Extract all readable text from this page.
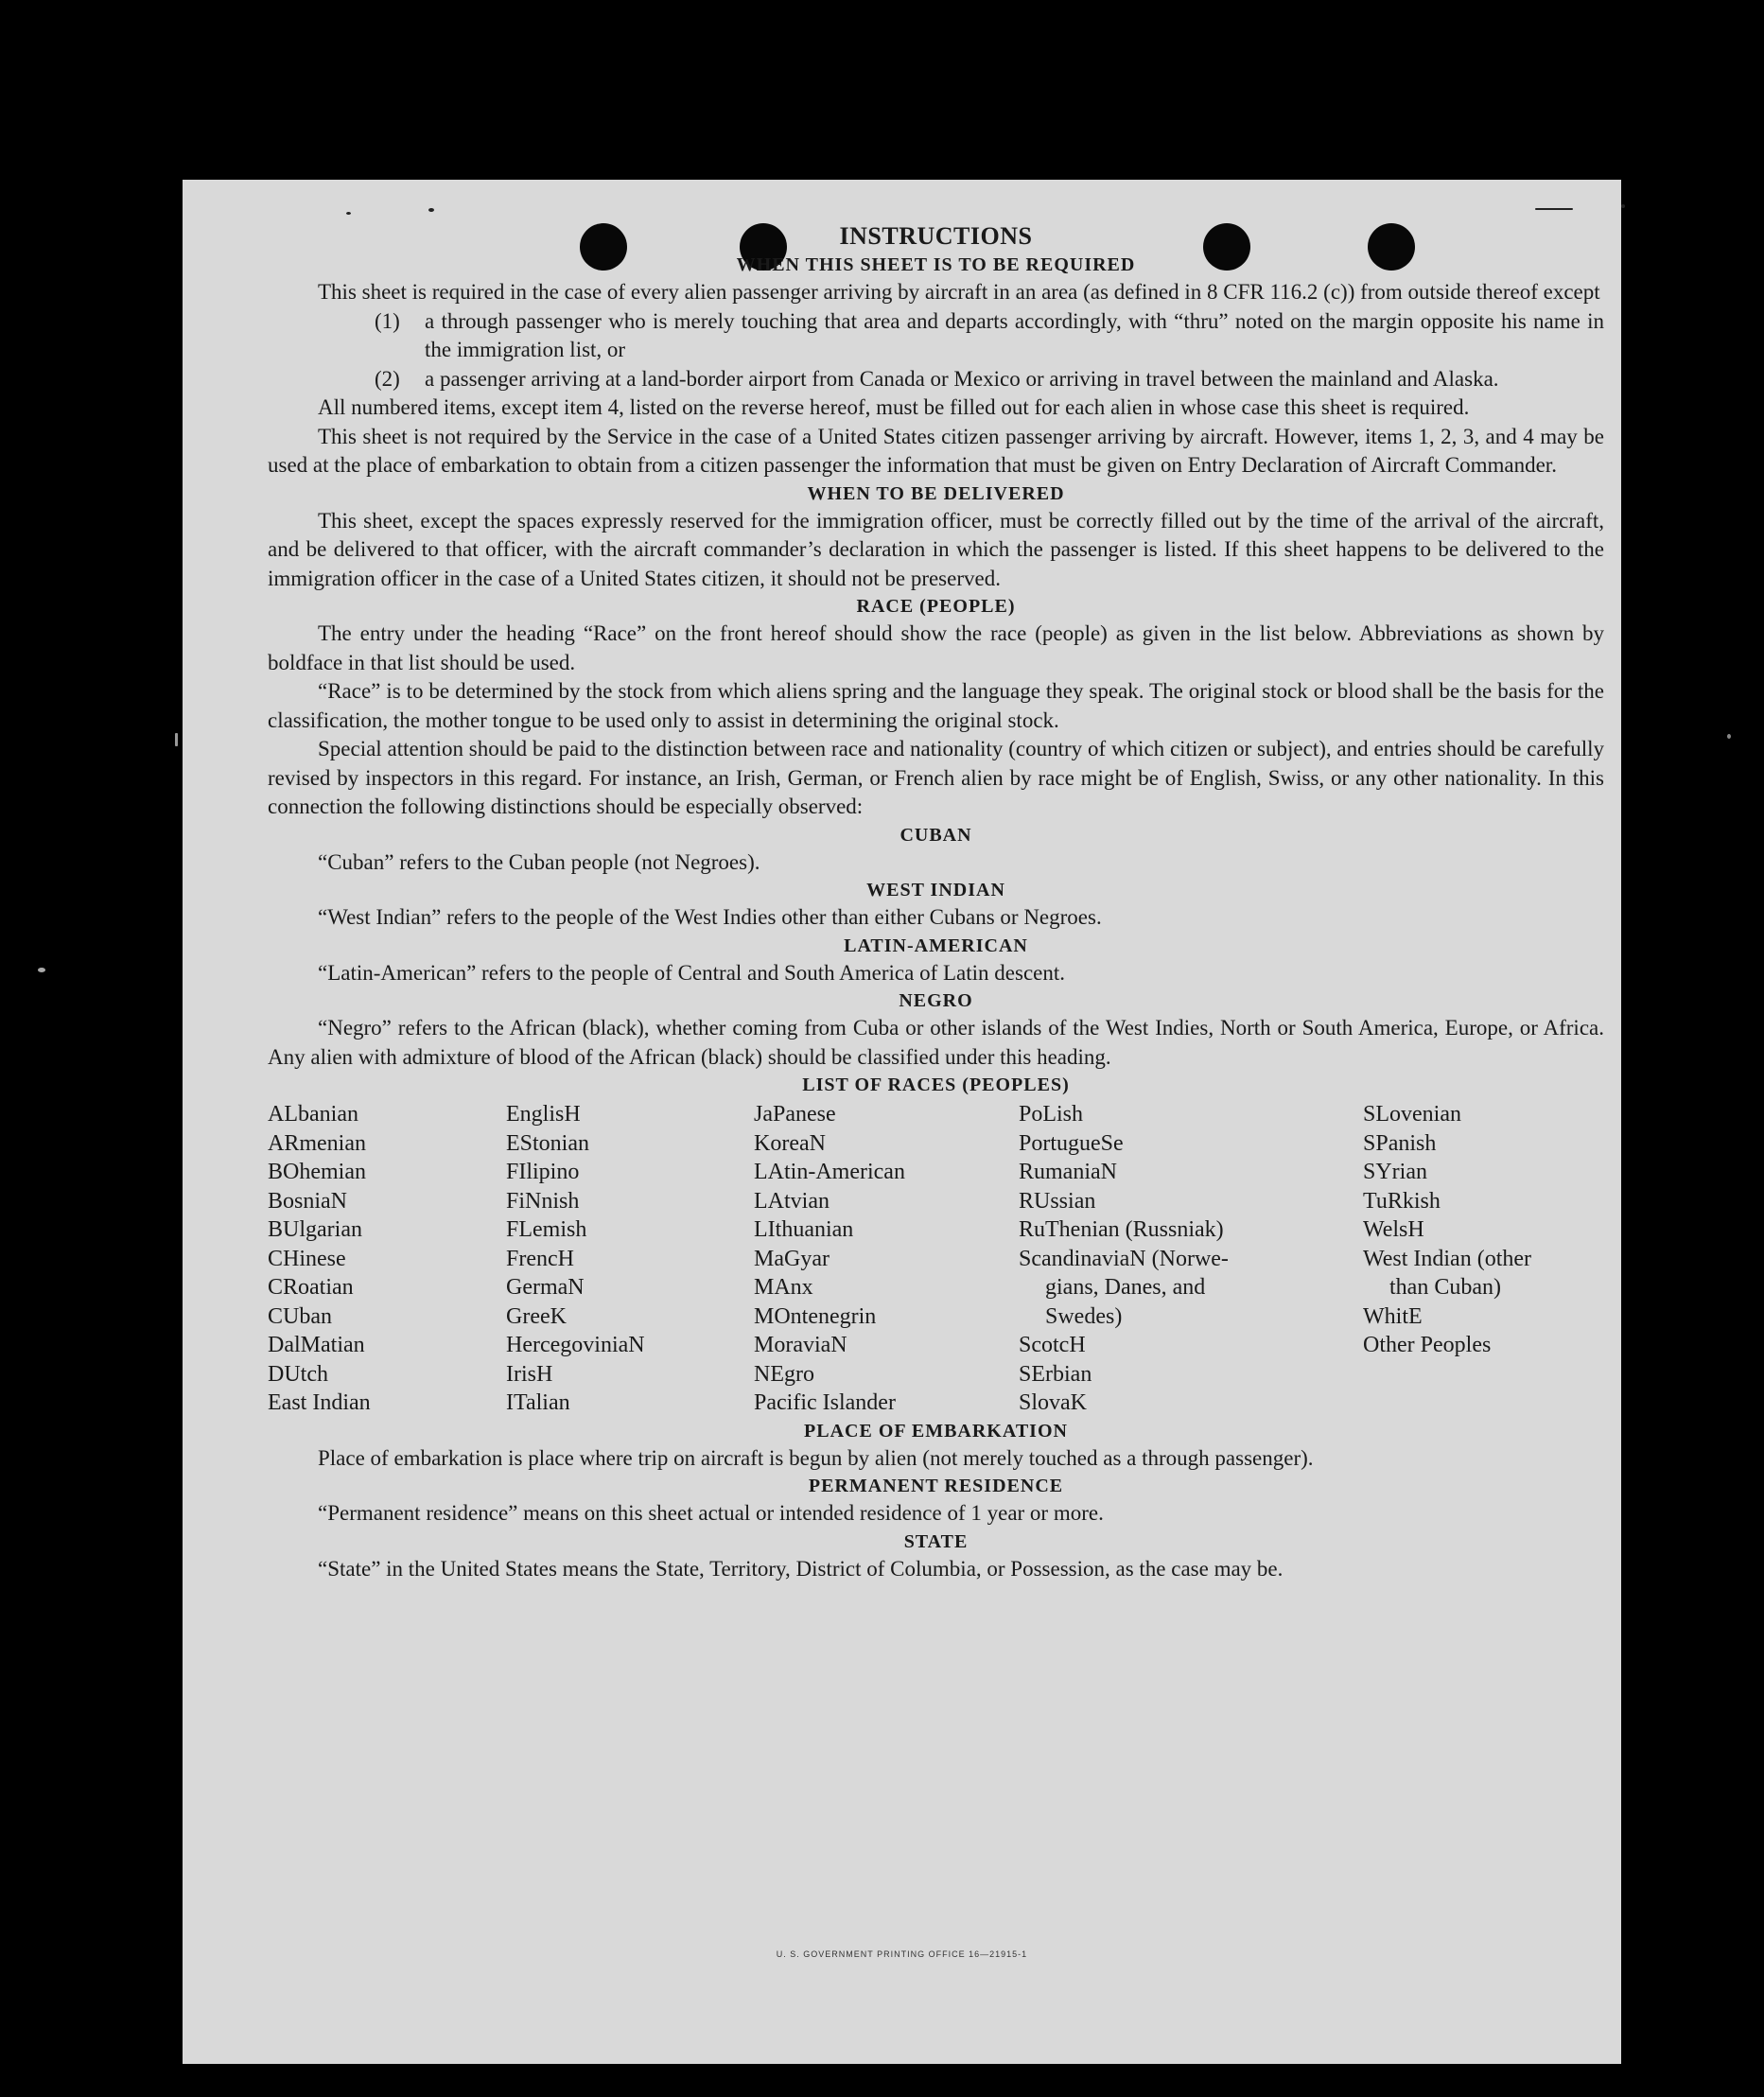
INSTRUCTIONS
WHEN THIS SHEET IS TO BE REQUIRED

This sheet is required in the case of every alien passenger arriving by aircraft in an area (as defined in 8 CFR 116.2 (c)) from outside thereof except

(1)	a through passenger who is merely touching that area and departs accordingly, with “thru” noted on the margin opposite his name in the immigration list, or
(2)	a passenger arriving at a land-border airport from Canada or Mexico or arriving in travel between the mainland and Alaska.

All numbered items, except item 4, listed on the reverse hereof, must be filled out for each alien in whose case this sheet is required.

This sheet is not required by the Service in the case of a United States citizen passenger arriving by aircraft. However, items 1, 2, 3, and 4 may be used at the place of embarkation to obtain from a citizen passenger the information that must be given on Entry Declaration of Aircraft Commander.

WHEN TO BE DELIVERED

This sheet, except the spaces expressly reserved for the immigration officer, must be correctly filled out by the time of the arrival of the aircraft, and be delivered to that officer, with the aircraft commander’s declaration in which the passenger is listed. If this sheet happens to be delivered to the immigration officer in the case of a United States citizen, it should not be preserved.

RACE (PEOPLE)

The entry under the heading “Race” on the front hereof should show the race (people) as given in the list below. Abbreviations as shown by boldface in that list should be used.

“Race” is to be determined by the stock from which aliens spring and the language they speak. The original stock or blood shall be the basis for the classification, the mother tongue to be used only to assist in determining the original stock.

Special attention should be paid to the distinction between race and nationality (country of which citizen or subject), and entries should be carefully revised by inspectors in this regard. For instance, an Irish, German, or French alien by race might be of English, Swiss, or any other nationality. In this connection the following distinctions should be especially observed:

CUBAN

“Cuban” refers to the Cuban people (not Negroes).

WEST INDIAN

“West Indian” refers to the people of the West Indies other than either Cubans or Negroes.

LATIN-AMERICAN

“Latin-American” refers to the people of Central and South America of Latin descent.

NEGRO

“Negro” refers to the African (black), whether coming from Cuba or other islands of the West Indies, North or South America, Europe, or Africa. Any alien with admixture of blood of the African (black) should be classified under this heading.

LIST OF RACES (PEOPLES)
ALbanian
ARmenian
BOhemian
BosniaN
BUlgarian
CHinese
CRoatian
CUban
DalMatian
DUtch
East Indian
EnglisH
EStonian
FIlipino
FiNnish
FLemish
FrencH
GermaN
GreeK
HercegoviniaN
IrisH
ITalian
JaPanese
KoreaN
LAtin-American
LAtvian
LIthuanian
MaGyar
MAnx
MOntenegrin
MoraviaN
NEgro
Pacific Islander
PoLish
PortugueSe
RumaniaN
RUssian
RuThenian (Russniak)
ScandinaviaN (Norwe-
gians, Danes, and
Swedes)
ScotcH
SErbian
SlovaK
SLovenian
SPanish
SYrian
TuRkish
WelsH
West Indian (other
than Cuban)
WhitE
Other Peoples
PLACE OF EMBARKATION

Place of embarkation is place where trip on aircraft is begun by alien (not merely touched as a through passenger).

PERMANENT RESIDENCE

“Permanent residence” means on this sheet actual or intended residence of 1 year or more.

STATE

“State” in the United States means the State, Territory, District of Columbia, or Possession, as the case may be.

U. S. GOVERNMENT PRINTING OFFICE 16—21915-1
